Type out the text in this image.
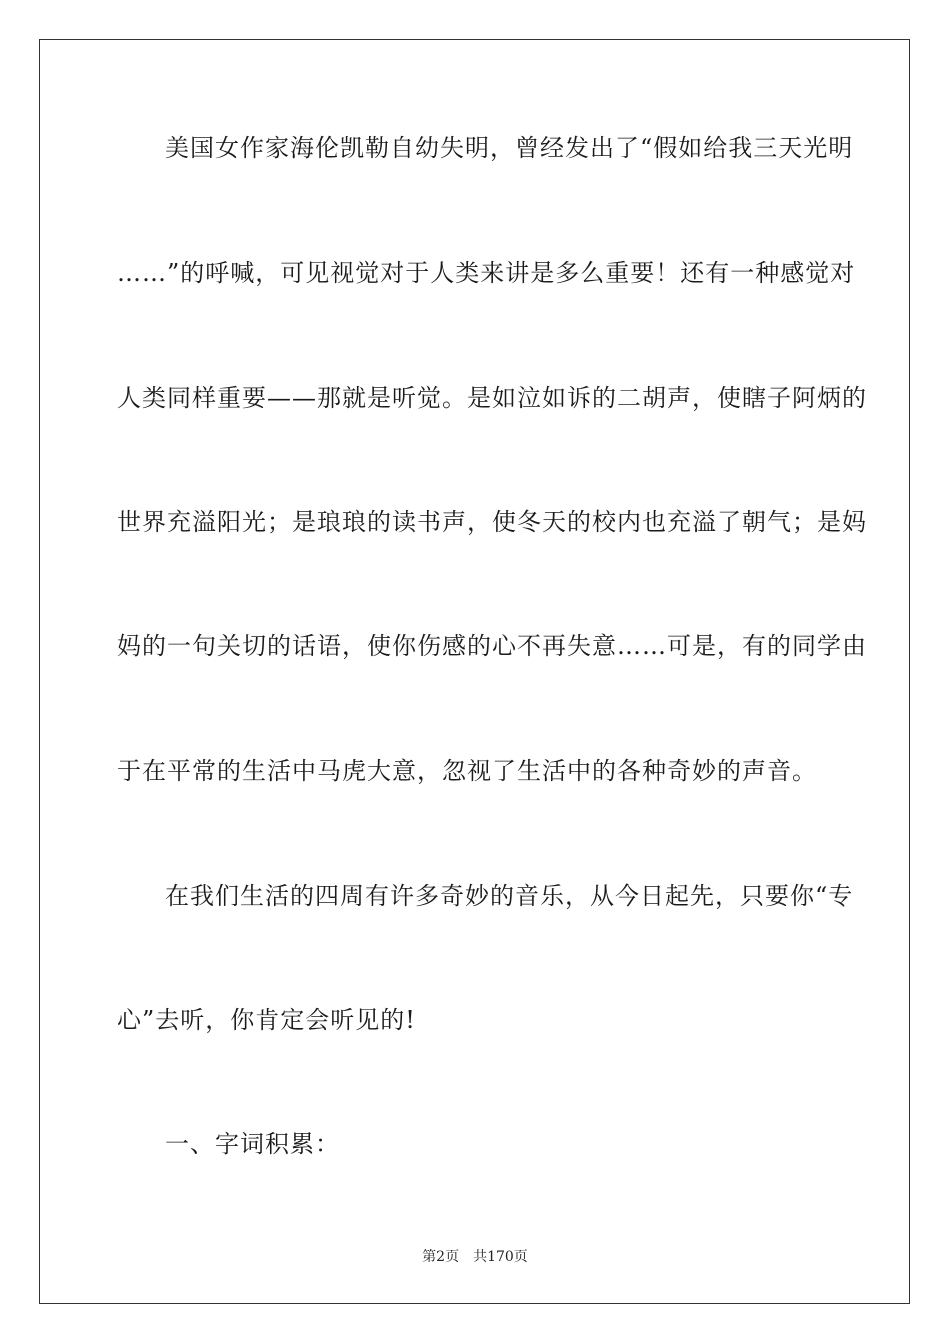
美国女作家海伦凯勒自幼失明，曾经发出了“假如给我三天光明
……”的呼喊，可见视觉对于人类来讲是多么重要！还有一种感觉对
人类同样重要——那就是听觉。是如泣如诉的二胡声，使瞎子阿炳的
世界充溢阳光；是琅琅的读书声，使冬天的校内也充溢了朝气；是妈
妈的一句关切的话语，使你伤感的心不再失意……可是，有的同学由
于在平常的生活中马虎大意，忽视了生活中的各种奇妙的声音。
在我们生活的四周有许多奇妙的音乐，从今日起先，只要你“专
心”去听，你肯定会听见的!
一、字词积累：
第2页　共170页
